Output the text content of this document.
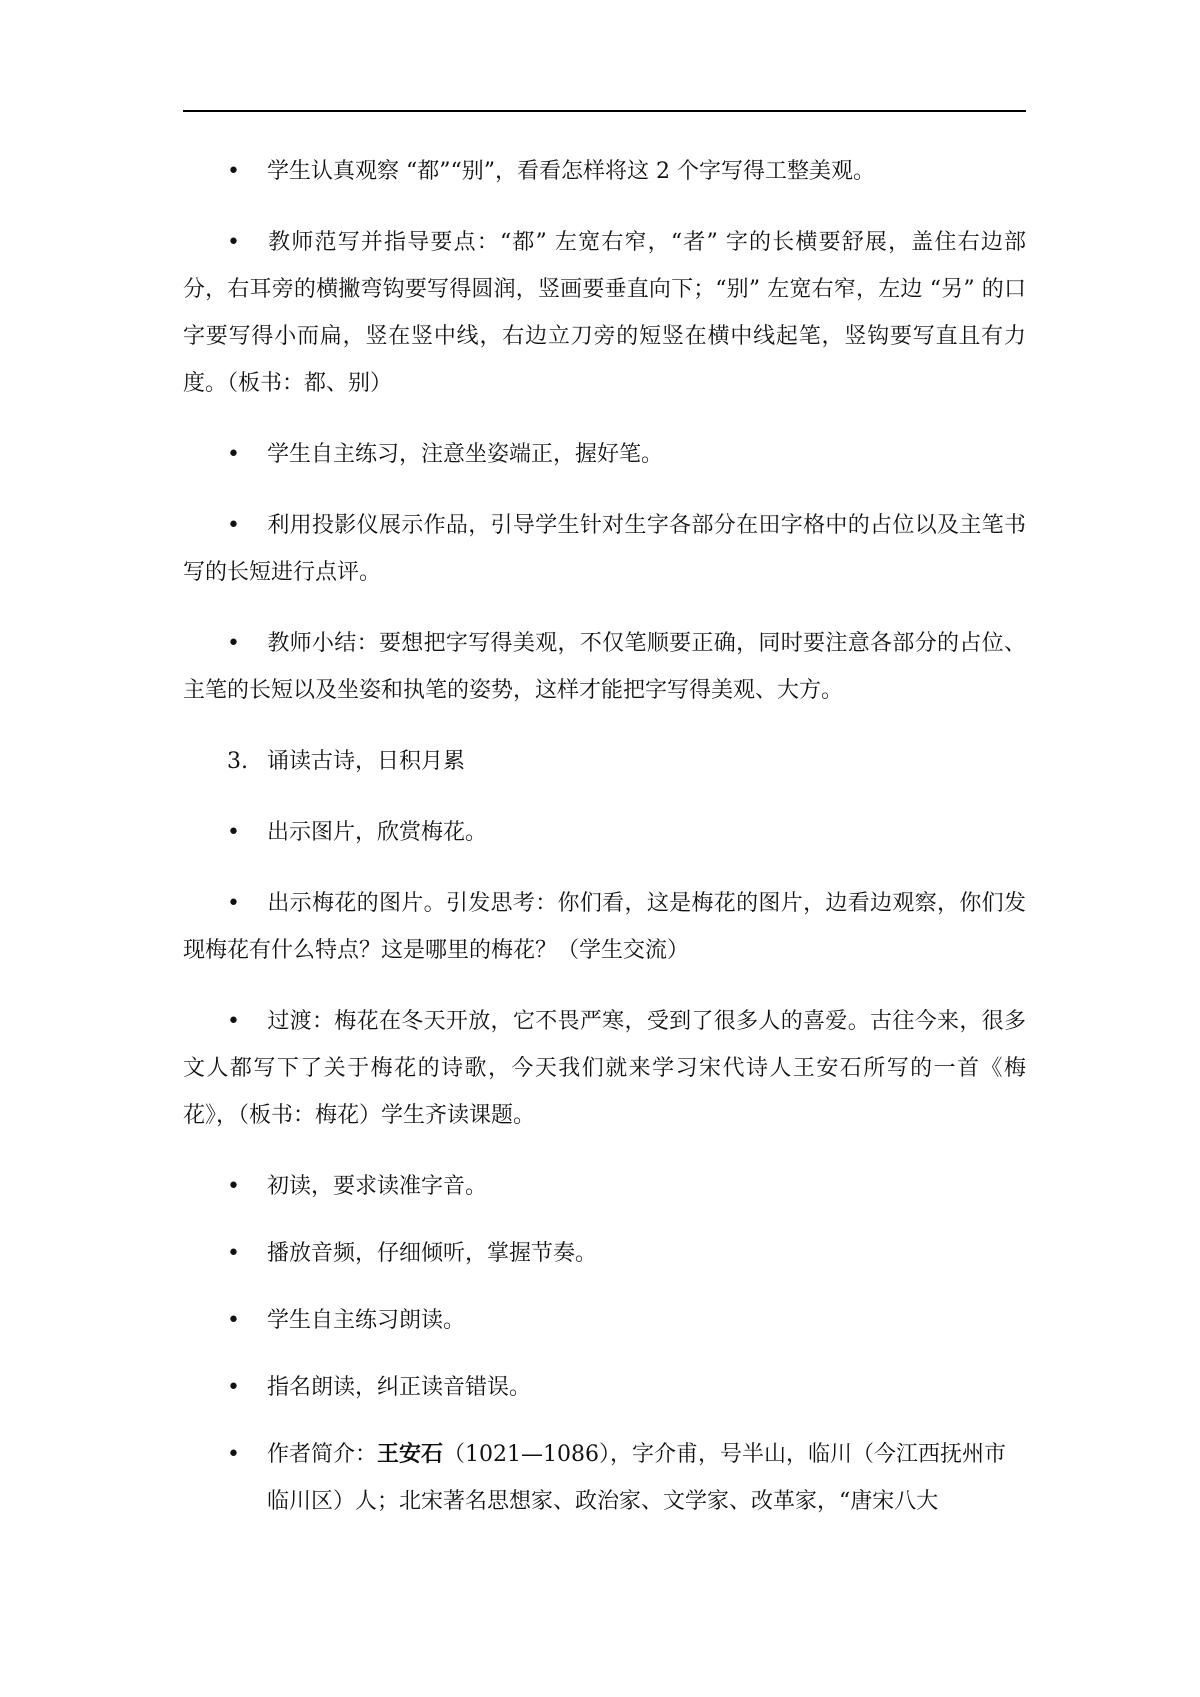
• 学生认真观察 “都”“别”，看看怎样将这 2 个字写得工整美观。

• 教师范写并指导要点：“都” 左宽右窄，“者” 字的长横要舒展，盖住右边部分，右耳旁的横撇弯钩要写得圆润，竖画要垂直向下；“别” 左宽右窄，左边 “另” 的口字要写得小而扁，竖在竖中线，右边立刀旁的短竖在横中线起笔，竖钩要写直且有力度。（板书：都、别）

• 学生自主练习，注意坐姿端正，握好笔。

• 利用投影仪展示作品，引导学生针对生字各部分在田字格中的占位以及主笔书写的长短进行点评。

• 教师小结：要想把字写得美观，不仅笔顺要正确，同时要注意各部分的占位、主笔的长短以及坐姿和执笔的姿势，这样才能把字写得美观、大方。

3. 诵读古诗，日积月累

• 出示图片，欣赏梅花。

• 出示梅花的图片。引发思考：你们看，这是梅花的图片，边看边观察，你们发现梅花有什么特点？这是哪里的梅花？（学生交流）

• 过渡：梅花在冬天开放，它不畏严寒，受到了很多人的喜爱。古往今来，很多文人都写下了关于梅花的诗歌，今天我们就来学习宋代诗人王安石所写的一首《梅花》，（板书：梅花）学生齐读课题。

• 初读，要求读准字音。

• 播放音频，仔细倾听，掌握节奏。

• 学生自主练习朗读。

• 指名朗读，纠正读音错误。

• 作者简介：王安石（1021—1086），字介甫，号半山，临川（今江西抚州市临川区）人；北宋著名思想家、政治家、文学家、改革家，“唐宋八大
